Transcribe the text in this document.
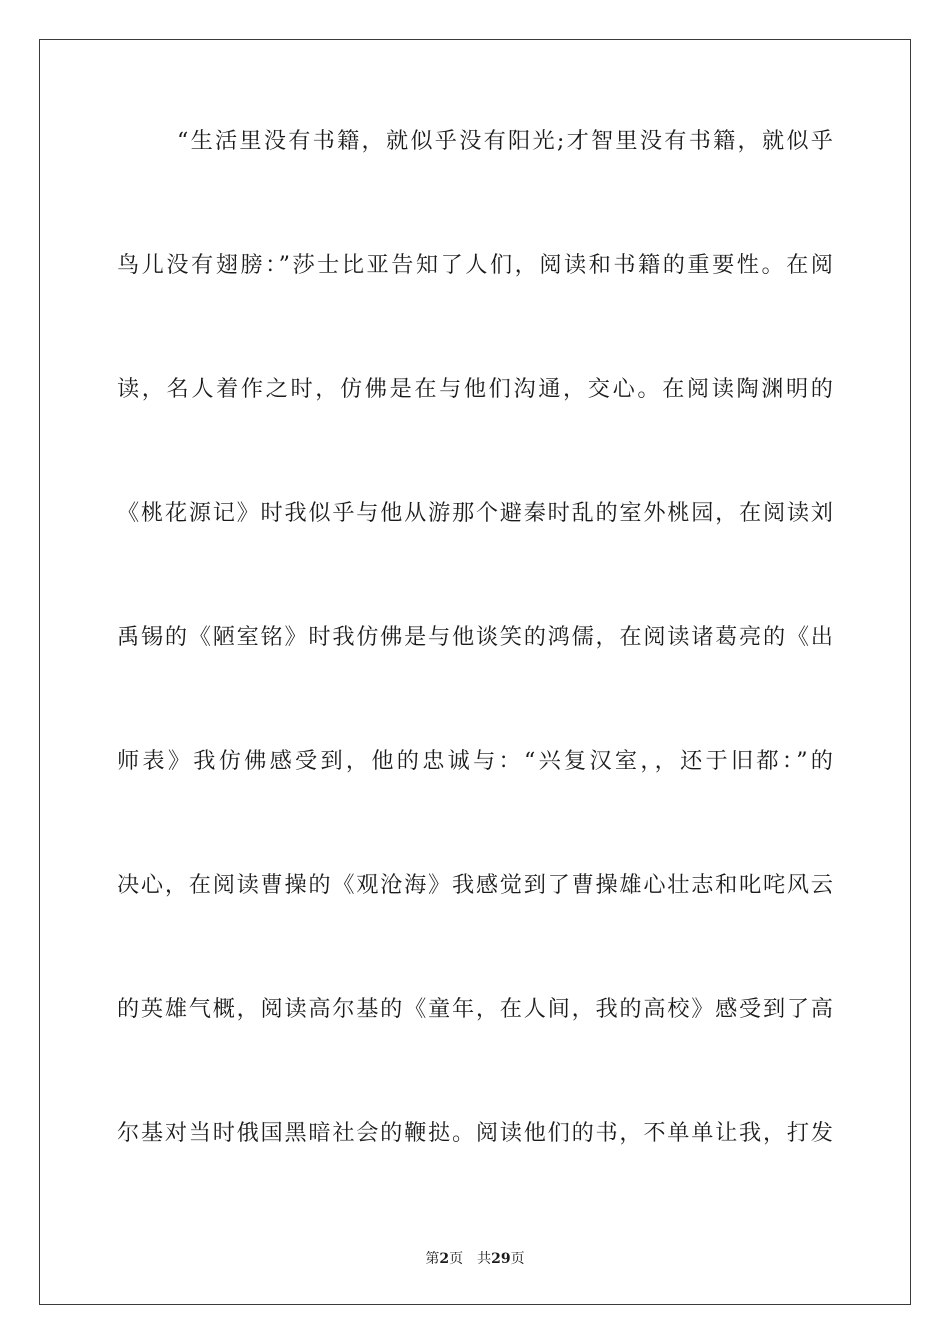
“生活里没有书籍，就似乎没有阳光;才智里没有书籍，就似乎
鸟儿没有翅膀：”莎士比亚告知了人们，阅读和书籍的重要性。在阅
读，名人着作之时，仿佛是在与他们沟通，交心。在阅读陶渊明的
《桃花源记》时我似乎与他从游那个避秦时乱的室外桃园，在阅读刘
禹锡的《陋室铭》时我仿佛是与他谈笑的鸿儒，在阅读诸葛亮的《出
师表》我仿佛感受到，他的忠诚与：“兴复汉室，，还于旧都：”的
决心，在阅读曹操的《观沧海》我感觉到了曹操雄心壮志和叱咤风云
的英雄气概，阅读高尔基的《童年，在人间，我的高校》感受到了高
尔基对当时俄国黑暗社会的鞭挞。阅读他们的书，不单单让我，打发
第2页 共29页
